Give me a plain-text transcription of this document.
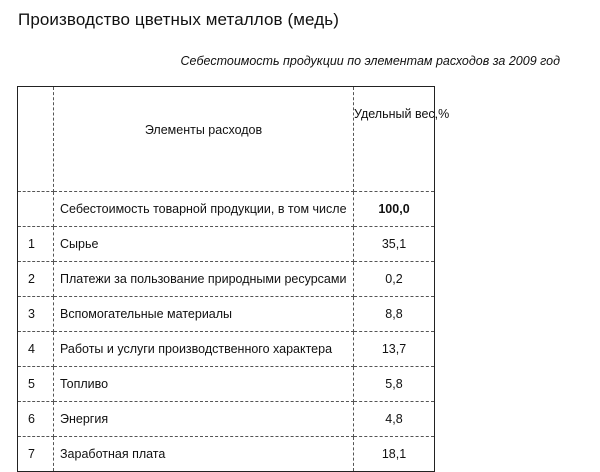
Производство цветных металлов (медь)
Себестоимость продукции по элементам расходов за 2009 год
	Элементы расходов	Удельный вес,%
	Себестоимость товарной продукции, в том числе	100,0
1	Сырье	35,1
2	Платежи за пользование природными ресурсами	0,2
3	Вспомогательные материалы	8,8
4	Работы и услуги производственного характера	13,7
5	Топливо	5,8
6	Энергия	4,8
7	Заработная плата	18,1
